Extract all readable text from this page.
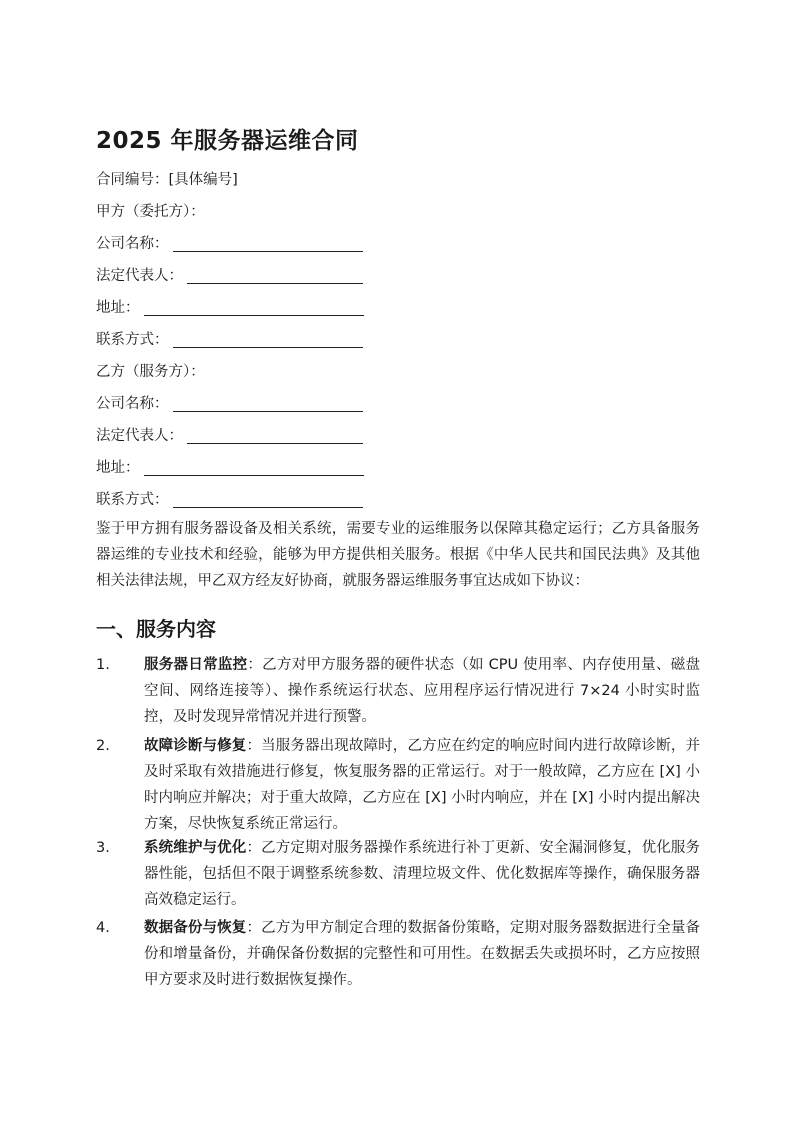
2025 年服务器运维合同
合同编号：[具体编号]
甲方（委托方）：
公司名称：
法定代表人：
地址：
联系方式：
乙方（服务方）：
公司名称：
法定代表人：
地址：
联系方式：
鉴于甲方拥有服务器设备及相关系统，需要专业的运维服务以保障其稳定运行；乙方具备服务器运维的专业技术和经验，能够为甲方提供相关服务。根据《中华人民共和国民法典》及其他相关法律法规，甲乙双方经友好协商，就服务器运维服务事宜达成如下协议：
一、服务内容
1. 服务器日常监控：乙方对甲方服务器的硬件状态（如 CPU 使用率、内存使用量、磁盘空间、网络连接等）、操作系统运行状态、应用程序运行情况进行 7×24 小时实时监控，及时发现异常情况并进行预警。
2. 故障诊断与修复：当服务器出现故障时，乙方应在约定的响应时间内进行故障诊断，并及时采取有效措施进行修复，恢复服务器的正常运行。对于一般故障，乙方应在 [X] 小时内响应并解决；对于重大故障，乙方应在 [X] 小时内响应，并在 [X] 小时内提出解决方案，尽快恢复系统正常运行。
3. 系统维护与优化：乙方定期对服务器操作系统进行补丁更新、安全漏洞修复，优化服务器性能，包括但不限于调整系统参数、清理垃圾文件、优化数据库等操作，确保服务器高效稳定运行。
4. 数据备份与恢复：乙方为甲方制定合理的数据备份策略，定期对服务器数据进行全量备份和增量备份，并确保备份数据的完整性和可用性。在数据丢失或损坏时，乙方应按照甲方要求及时进行数据恢复操作。
